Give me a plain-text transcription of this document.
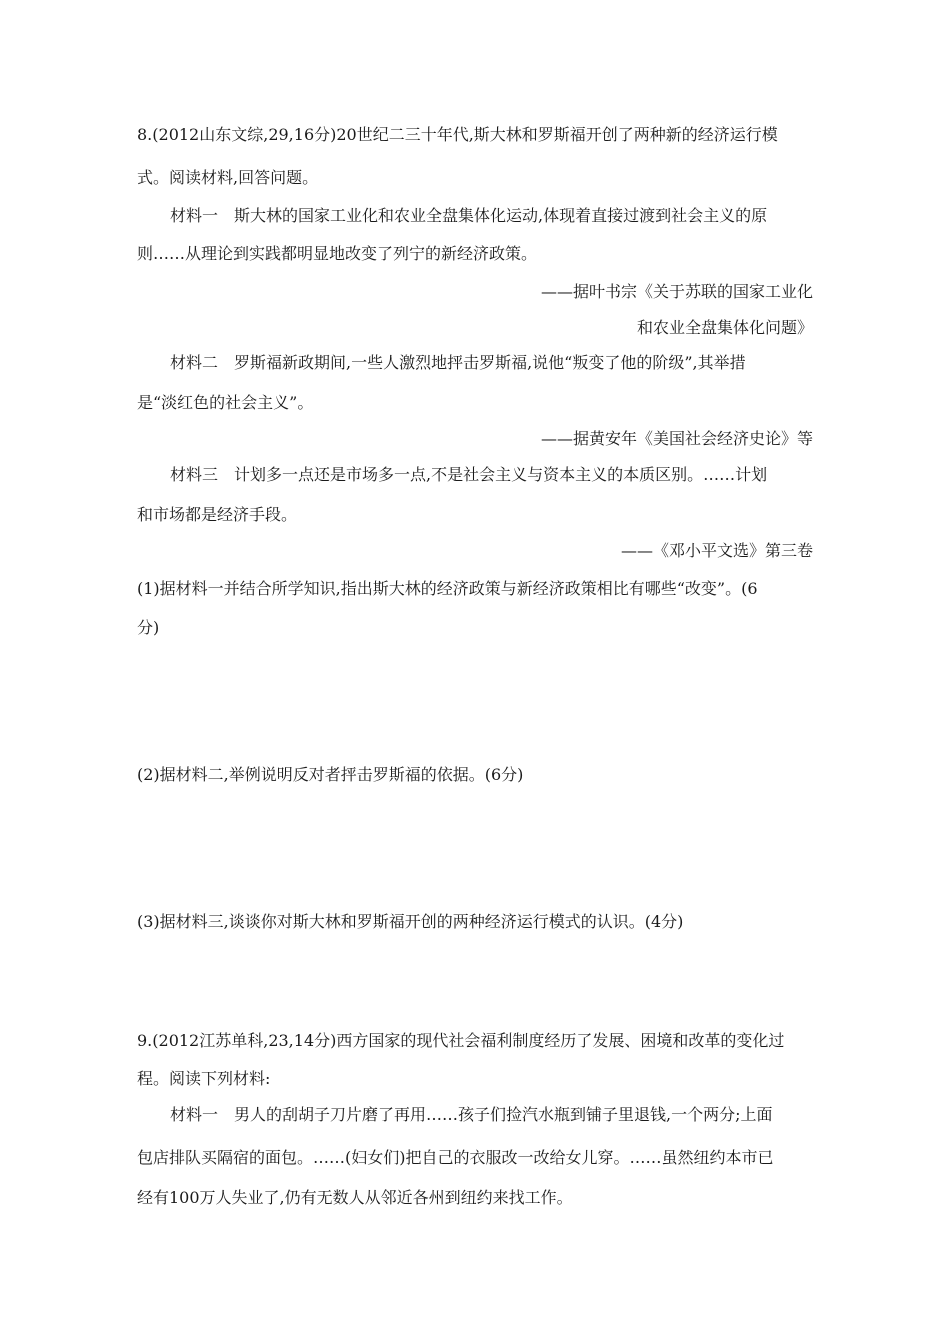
8.(2012山东文综,29,16分)20世纪二三十年代,斯大林和罗斯福开创了两种新的经济运行模
式。阅读材料,回答问题。
材料一　斯大林的国家工业化和农业全盘集体化运动,体现着直接过渡到社会主义的原
则……从理论到实践都明显地改变了列宁的新经济政策。
——据叶书宗《关于苏联的国家工业化
和农业全盘集体化问题》
材料二　罗斯福新政期间,一些人激烈地抨击罗斯福,说他“叛变了他的阶级”,其举措
是“淡红色的社会主义”。
——据黄安年《美国社会经济史论》等
材料三　计划多一点还是市场多一点,不是社会主义与资本主义的本质区别。……计划
和市场都是经济手段。
——《邓小平文选》第三卷
(1)据材料一并结合所学知识,指出斯大林的经济政策与新经济政策相比有哪些“改变”。(6
分)
(2)据材料二,举例说明反对者抨击罗斯福的依据。(6分)
(3)据材料三,谈谈你对斯大林和罗斯福开创的两种经济运行模式的认识。(4分)
9.(2012江苏单科,23,14分)西方国家的现代社会福利制度经历了发展、困境和改革的变化过
程。阅读下列材料:
材料一　男人的刮胡子刀片磨了再用……孩子们捡汽水瓶到铺子里退钱,一个两分;上面
包店排队买隔宿的面包。……(妇女们)把自己的衣服改一改给女儿穿。……虽然纽约本市已
经有100万人失业了,仍有无数人从邻近各州到纽约来找工作。
